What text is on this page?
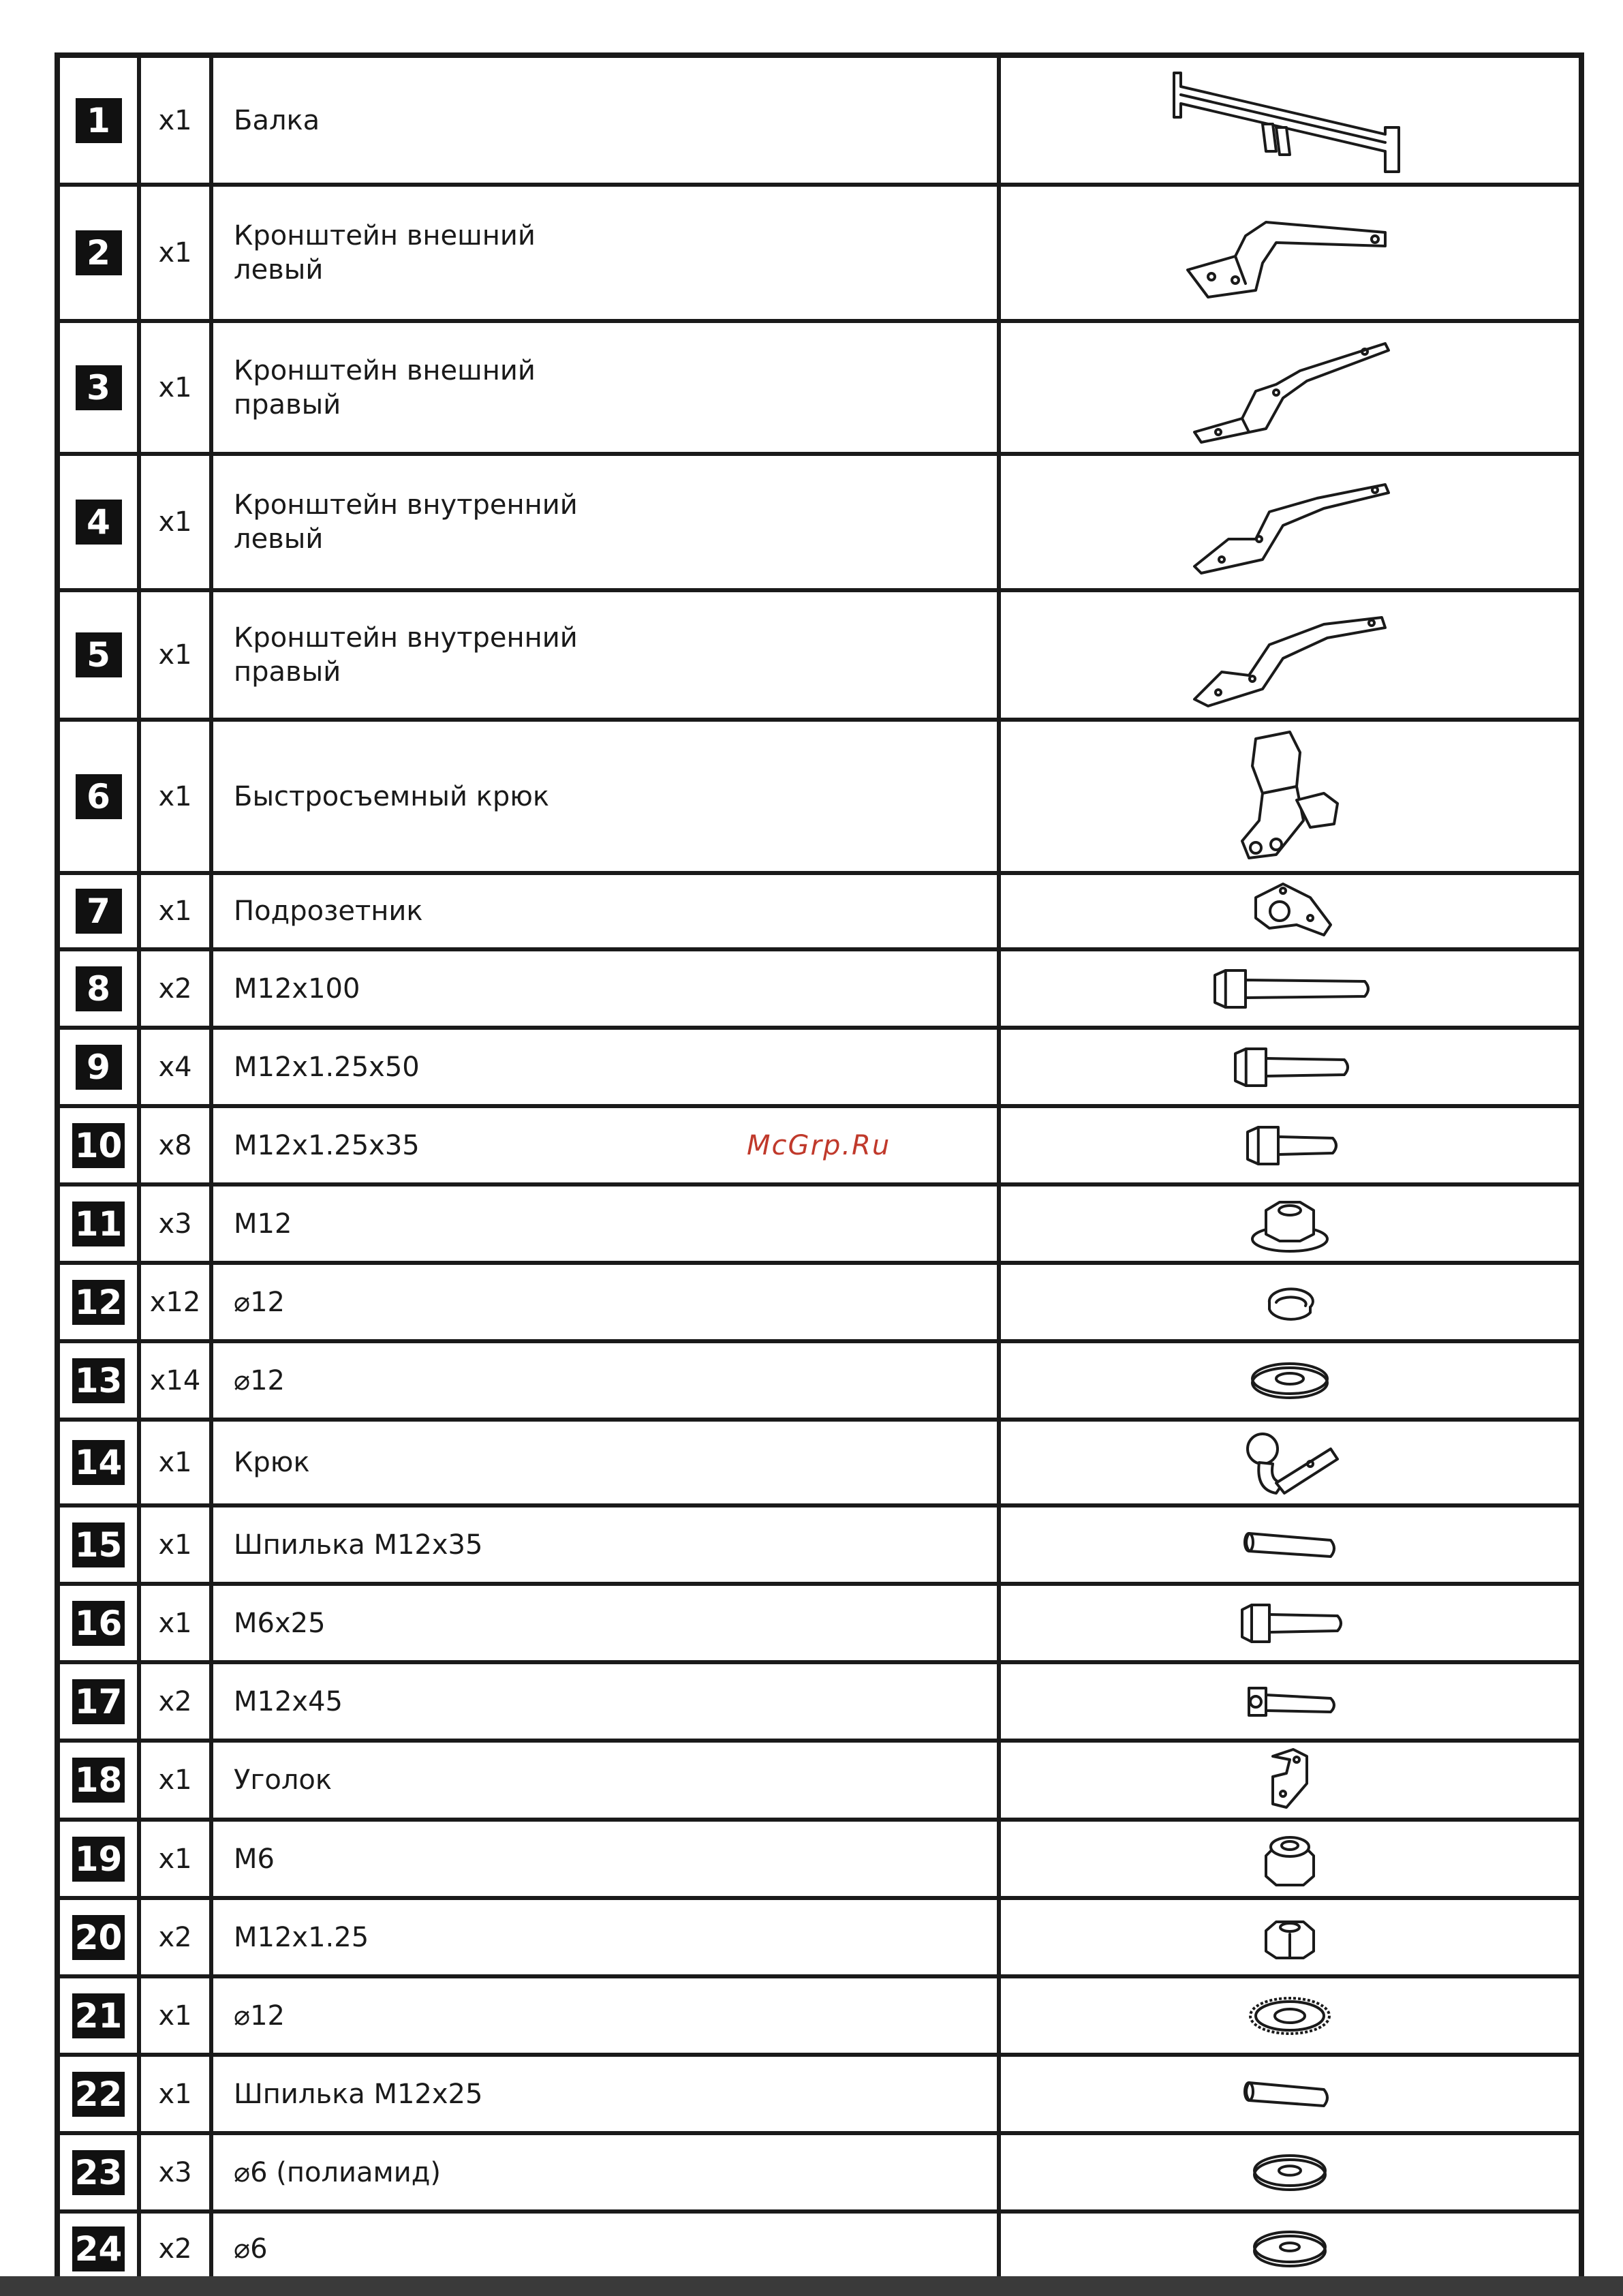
1	x1	Балка	

2	x1	Кронштейн внешний
левый	

3	x1	Кронштейн внешний
правый	

4	x1	Кронштейн внутренний
левый	

5	x1	Кронштейн внутренний
правый	

6	x1	Быстросъемный крюк	

7	x1	Подрозетник	

8	x2	M12x100	

9	x4	M12x1.25x50	

10	x8	M12x1.25x35	

11	x3	M12	

12	x12	⌀12	

13	x14	⌀12	

14	x1	Крюк	

15	x1	Шпилька M12x35	

16	x1	M6x25	

17	x2	M12x45	

18	x1	Уголок	

19	x1	M6	

20	x2	M12x1.25	

21	x1	⌀12	

22	x1	Шпилька M12x25	

23	x3	⌀6 (полиамид)	

24	x2	⌀6	
McGrp.Ru
